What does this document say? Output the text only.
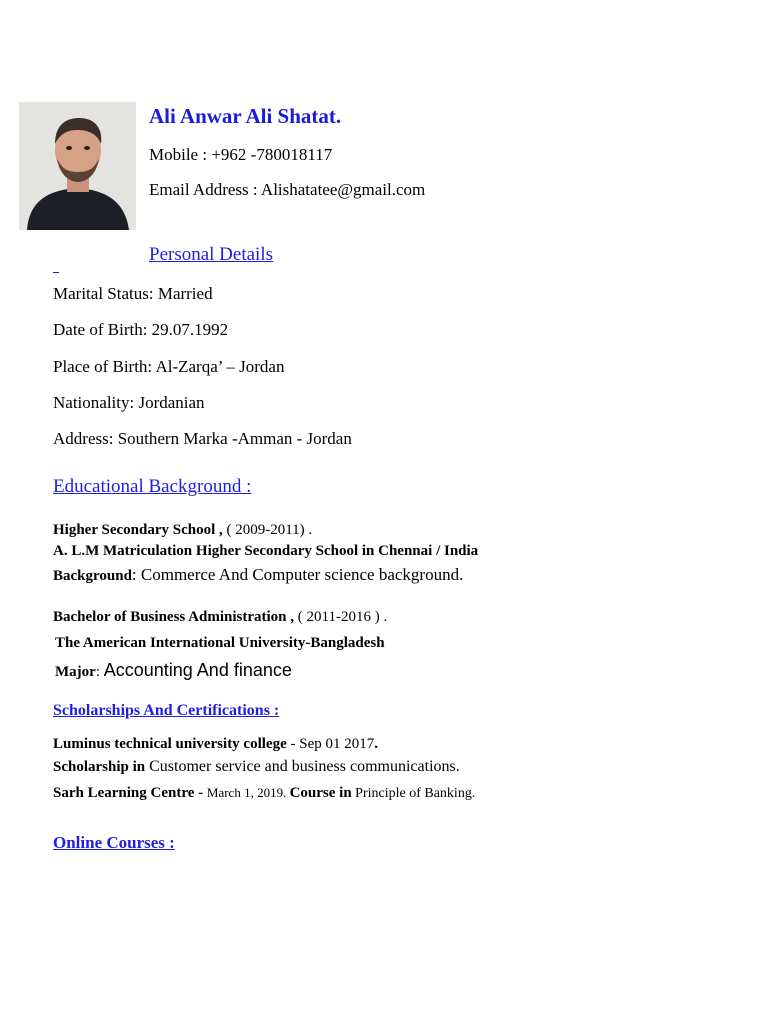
Ali Anwar Ali Shatat.
Mobile : +962 -780018117
Email Address : Alishatatee@gmail.com
Personal Details
Marital Status: Married
Date of Birth: 29.07.1992
Place of Birth: Al-Zarqa’ – Jordan
Nationality: Jordanian
Address: Southern Marka -Amman - Jordan
Educational Background :
Higher Secondary School , ( 2009-2011) .
A. L.M Matriculation Higher Secondary School in Chennai / India
Background: Commerce And Computer science background.
Bachelor of Business Administration , ( 2011-2016 ) .
The American International University-Bangladesh
Major: Accounting And finance
Scholarships And Certifications :
Luminus technical university college - Sep 01 2017.
Scholarship in Customer service and business communications.
Sarh Learning Centre - March 1, 2019. Course in Principle of Banking.
Online Courses :
